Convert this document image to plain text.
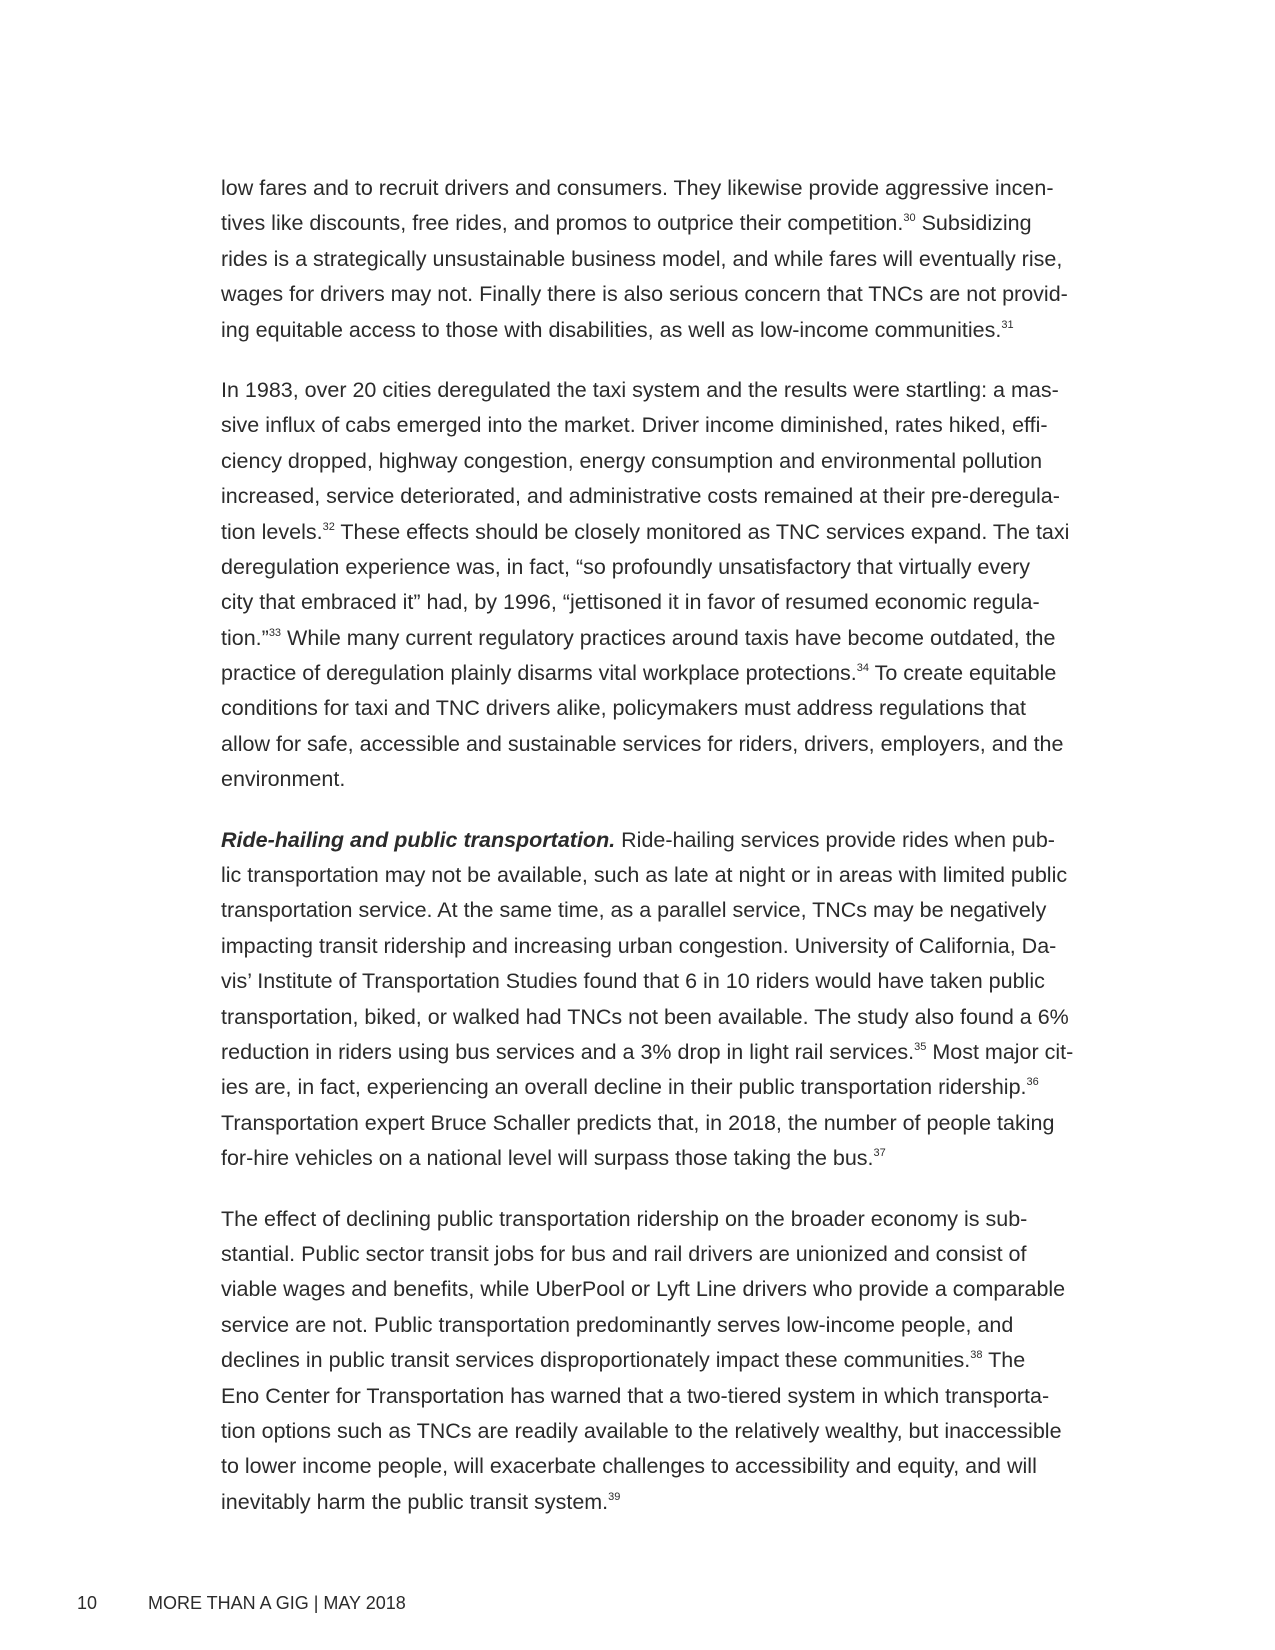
low fares and to recruit drivers and consumers. They likewise provide aggressive incen-
tives like discounts, free rides, and promos to outprice their competition.$^{30}$ Subsidizing
rides is a strategically unsustainable business model, and while fares will eventually rise,
wages for drivers may not. Finally there is also serious concern that TNCs are not provid-
ing equitable access to those with disabilities, as well as low-income communities.$^{31}$
In 1983, over 20 cities deregulated the taxi system and the results were startling: a mas-
sive influx of cabs emerged into the market. Driver income diminished, rates hiked, effi-
ciency dropped, highway congestion, energy consumption and environmental pollution
increased, service deteriorated, and administrative costs remained at their pre-deregula-
tion levels.$^{32}$ These effects should be closely monitored as TNC services expand. The taxi
deregulation experience was, in fact, “so profoundly unsatisfactory that virtually every
city that embraced it” had, by 1996, “jettisoned it in favor of resumed economic regula-
tion.”$^{33}$ While many current regulatory practices around taxis have become outdated, the
practice of deregulation plainly disarms vital workplace protections.$^{34}$ To create equitable
conditions for taxi and TNC drivers alike, policymakers must address regulations that
allow for safe, accessible and sustainable services for riders, drivers, employers, and the
environment.
Ride-hailing and public transportation. Ride-hailing services provide rides when pub-
lic transportation may not be available, such as late at night or in areas with limited public
transportation service. At the same time, as a parallel service, TNCs may be negatively
impacting transit ridership and increasing urban congestion. University of California, Da-
vis’ Institute of Transportation Studies found that 6 in 10 riders would have taken public
transportation, biked, or walked had TNCs not been available. The study also found a 6%
reduction in riders using bus services and a 3% drop in light rail services.$^{35}$ Most major cit-
ies are, in fact, experiencing an overall decline in their public transportation ridership.$^{36}$
Transportation expert Bruce Schaller predicts that, in 2018, the number of people taking
for-hire vehicles on a national level will surpass those taking the bus.$^{37}$
The effect of declining public transportation ridership on the broader economy is sub-
stantial. Public sector transit jobs for bus and rail drivers are unionized and consist of
viable wages and benefits, while UberPool or Lyft Line drivers who provide a comparable
service are not. Public transportation predominantly serves low-income people, and
declines in public transit services disproportionately impact these communities.$^{38}$ The
Eno Center for Transportation has warned that a two-tiered system in which transporta-
tion options such as TNCs are readily available to the relatively wealthy, but inaccessible
to lower income people, will exacerbate challenges to accessibility and equity, and will
inevitably harm the public transit system.$^{39}$
10	MORE THAN A GIG | MAY 2018
